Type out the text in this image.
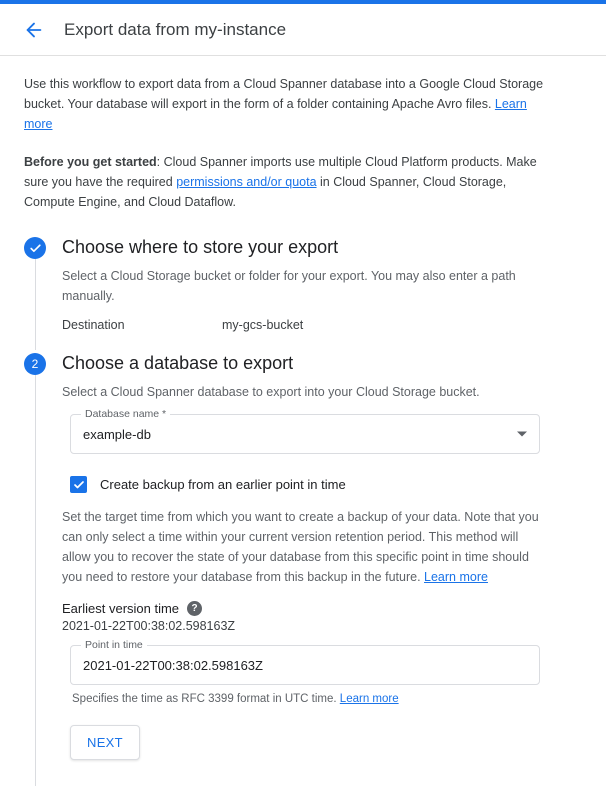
Export data from my-instance

Use this workflow to export data from a Cloud Spanner database into a Google Cloud Storage bucket. Your database will export in the form of a folder containing Apache Avro files. Learn more

Before you get started: Cloud Spanner imports use multiple Cloud Platform products. Make sure you have the required permissions and/or quota in Cloud Spanner, Cloud Storage, Compute Engine, and Cloud Dataflow.

Choose where to store your export

Select a Cloud Storage bucket or folder for your export. You may also enter a path manually.

Destination	my-gcs-bucket
2	Choose a database to export

Select a Cloud Spanner database to export into your Cloud Storage bucket.

Database name *
example-db
Create backup from an earlier point in time

Set the target time from which you want to create a backup of your data. Note that you can only select a time within your current version retention period. This method will allow you to recover the state of your database from this specific point in time should you need to restore your database from this backup in the future. Learn more

Earliest version time	?
2021-01-22T00:38:02.598163Z
Point in time
2021-01-22T00:38:02.598163Z

Specifies the time as RFC 3399 format in UTC time. Learn more

NEXT
